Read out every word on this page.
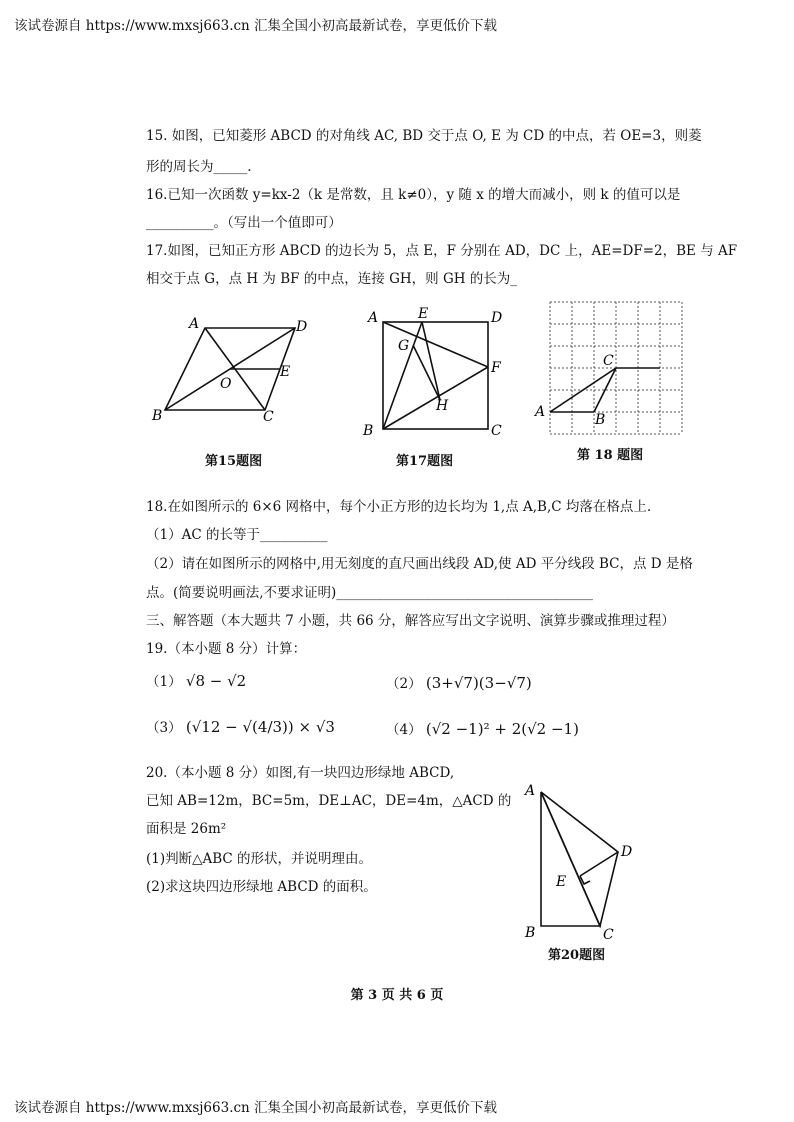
该试卷源自 https://www.mxsj663.cn 汇集全国小初高最新试卷，享更低价下载
15. 如图，已知菱形 ABCD 的对角线 AC, BD 交于点 O, E 为 CD 的中点，若 OE=3，则菱
形的周长为_____.
16.已知一次函数 y=kx-2（k 是常数，且 k≠0），y 随 x 的增大而减小，则 k 的值可以是
__________。（写出一个值即可）
17.如图，已知正方形 ABCD 的边长为 5，点 E，F 分别在 AD，DC 上，AE=DF=2，BE 与 AF
相交于点 G，点 H 为 BF 的中点，连接 GH，则 GH 的长为_
A	D
O
E
B	C
第15题图
A	E	D
G
F
H
B	C
第17题图
C
A	B
第 18 题图
18.在如图所示的 6×6 网格中，每个小正方形的边长均为 1,点 A,B,C 均落在格点上.
（1）AC 的长等于__________
（2）请在如图所示的网格中,用无刻度的直尺画出线段 AD,使 AD 平分线段 BC，点 D 是格
点。(简要说明画法,不要求证明)______________________________________
三、解答题（本大题共 7 小题，共 66 分，解答应写出文字说明、演算步骤或推理过程）
19.（本小题 8 分）计算：
（1） √8 − √2	（2） (3+√7)(3−√7)
（3） (√12 − √(4/3)) × √3	（4） (√2 −1)² + 2(√2 −1)
20.（本小题 8 分）如图,有一块四边形绿地 ABCD,
已知 AB=12m，BC=5m，DE⊥AC，DE=4m，△ACD 的
面积是 26m²
(1)判断△ABC 的形状，并说明理由。
(2)求这块四边形绿地 ABCD 的面积。
A
D
E
B	C
第20题图
第 3 页 共 6 页
该试卷源自 https://www.mxsj663.cn 汇集全国小初高最新试卷，享更低价下载
